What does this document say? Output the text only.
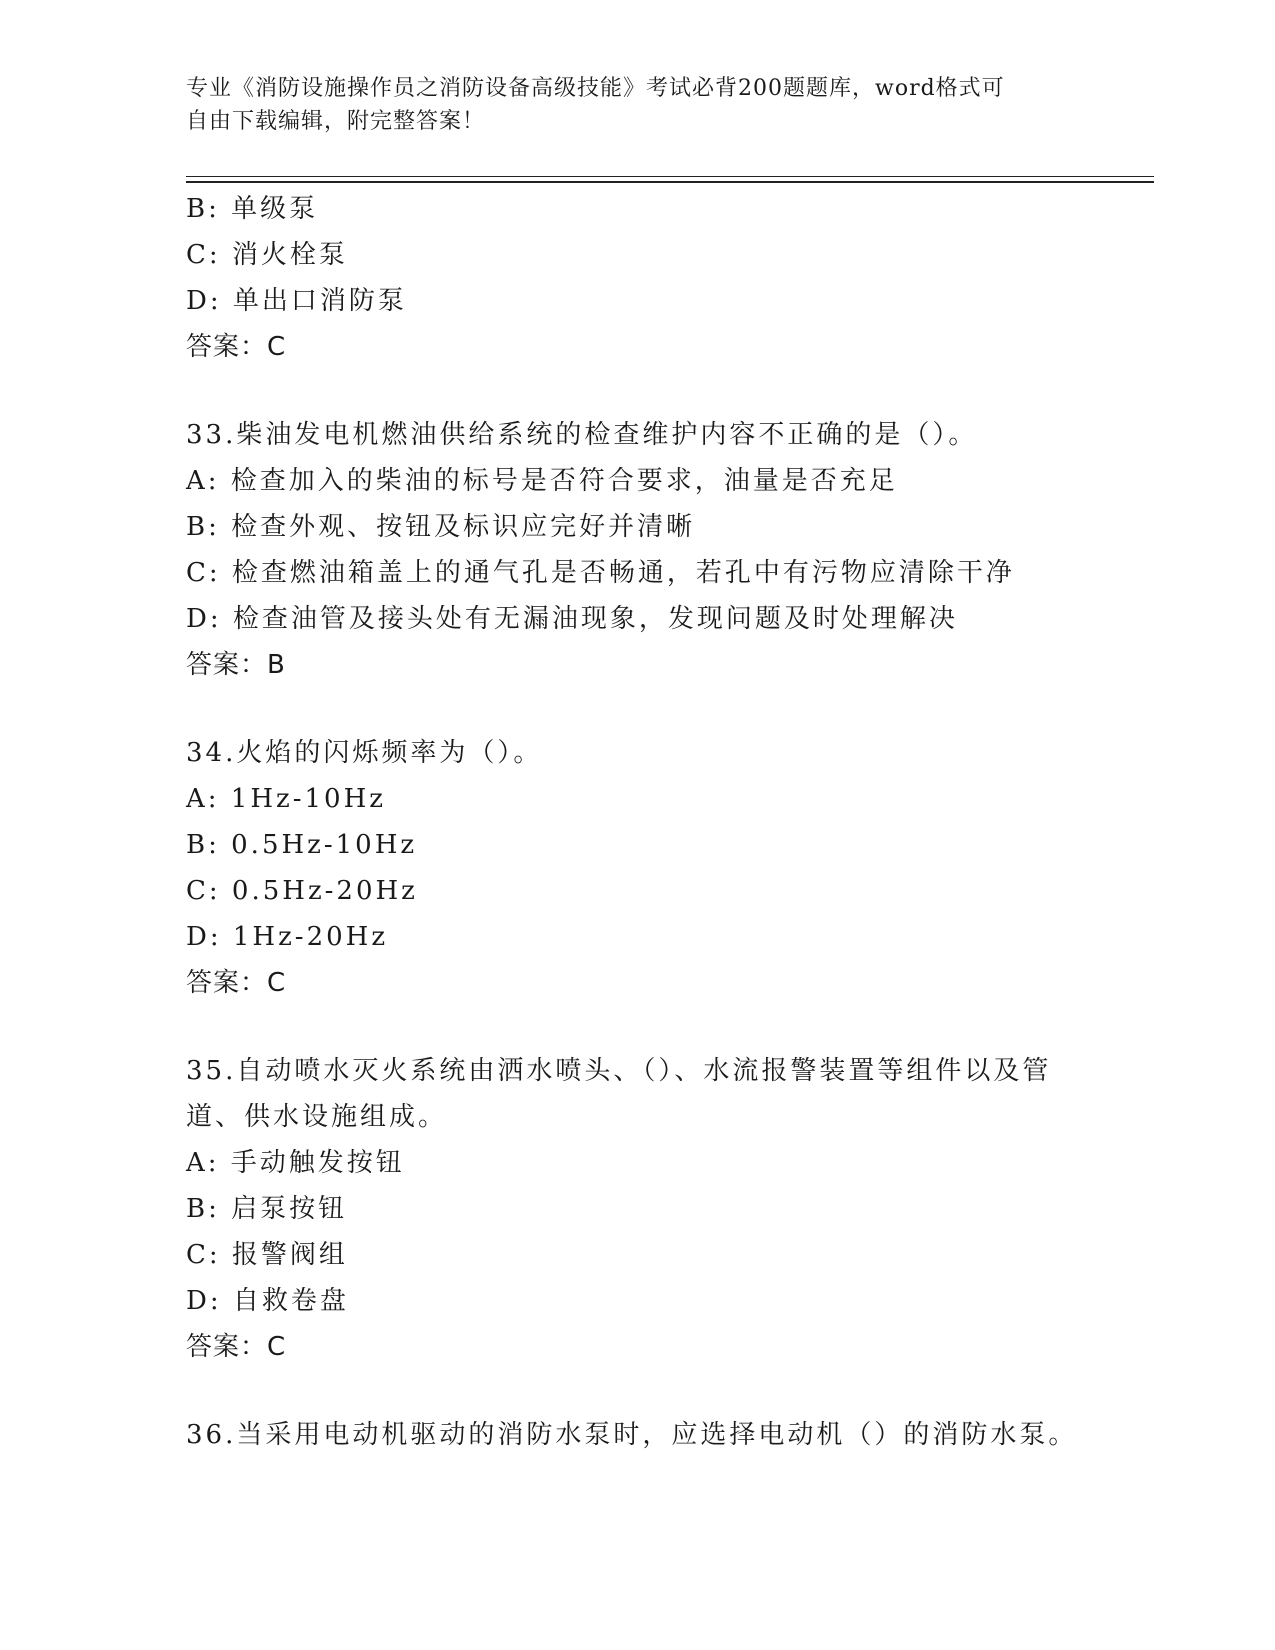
专业《消防设施操作员之消防设备高级技能》考试必背200题题库，word格式可
自由下载编辑，附完整答案！
B: 单级泵
C: 消火栓泵
D: 单出口消防泵
答案：C
33.柴油发电机燃油供给系统的检查维护内容不正确的是（）。
A: 检查加入的柴油的标号是否符合要求，油量是否充足
B: 检查外观、按钮及标识应完好并清晰
C: 检查燃油箱盖上的通气孔是否畅通，若孔中有污物应清除干净
D: 检查油管及接头处有无漏油现象，发现问题及时处理解决
答案：B
34.火焰的闪烁频率为（）。
A: 1Hz-10Hz
B: 0.5Hz-10Hz
C: 0.5Hz-20Hz
D: 1Hz-20Hz
答案：C
35.自动喷水灭火系统由洒水喷头、（）、水流报警装置等组件以及管
道、供水设施组成。
A: 手动触发按钮
B: 启泵按钮
C: 报警阀组
D: 自救卷盘
答案：C
36.当采用电动机驱动的消防水泵时，应选择电动机（）的消防水泵。
